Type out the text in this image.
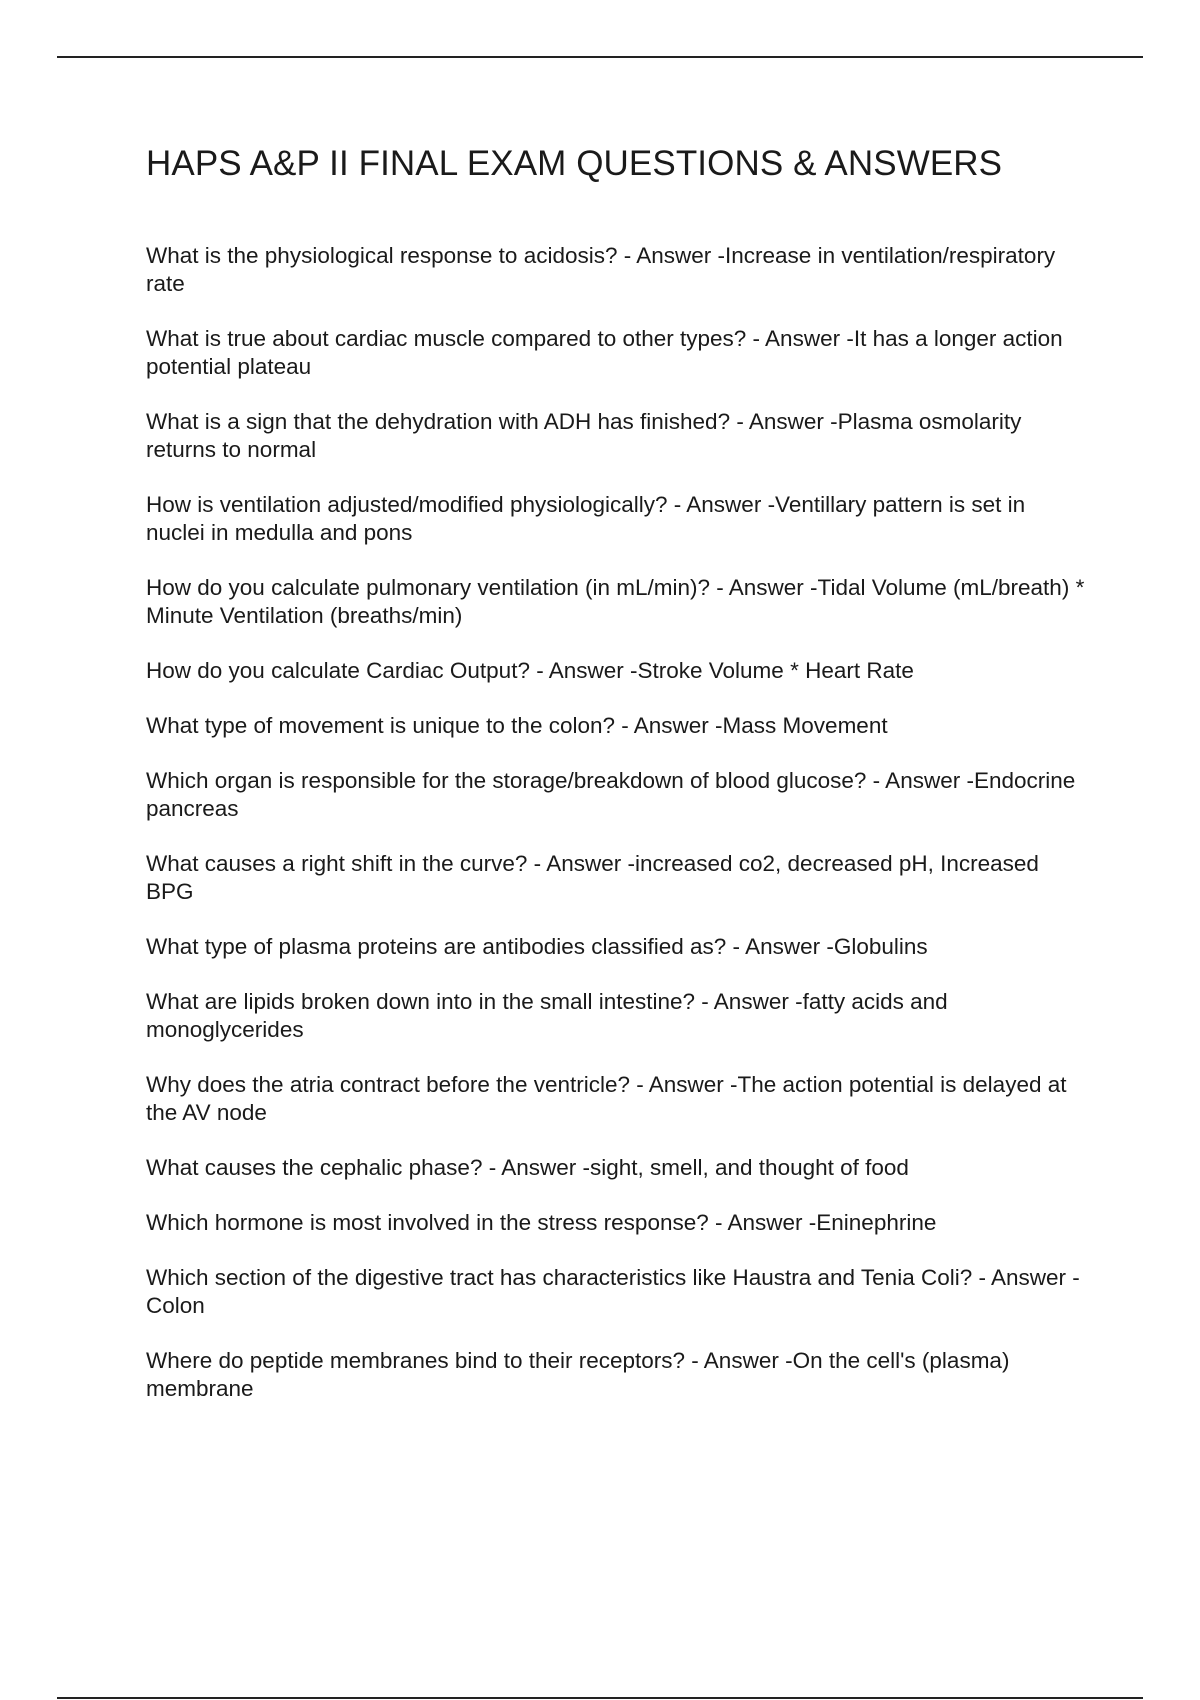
HAPS A&P II FINAL EXAM QUESTIONS & ANSWERS
What is the physiological response to acidosis? - Answer -Increase in ventilation/respiratory rate
What is true about cardiac muscle compared to other types? - Answer -It has a longer action potential plateau
What is a sign that the dehydration with ADH has finished? - Answer -Plasma osmolarity returns to normal
How is ventilation adjusted/modified physiologically? - Answer -Ventillary pattern is set in nuclei in medulla and pons
How do you calculate pulmonary ventilation (in mL/min)? - Answer -Tidal Volume (mL/breath) * Minute Ventilation (breaths/min)
How do you calculate Cardiac Output? - Answer -Stroke Volume * Heart Rate
What type of movement is unique to the colon? - Answer -Mass Movement
Which organ is responsible for the storage/breakdown of blood glucose? - Answer -Endocrine pancreas
What causes a right shift in the curve? - Answer -increased co2, decreased pH, Increased BPG
What type of plasma proteins are antibodies classified as? - Answer -Globulins
What are lipids broken down into in the small intestine? - Answer -fatty acids and monoglycerides
Why does the atria contract before the ventricle? - Answer -The action potential is delayed at the AV node
What causes the cephalic phase? - Answer -sight, smell, and thought of food
Which hormone is most involved in the stress response? - Answer -Eninephrine
Which section of the digestive tract has characteristics like Haustra and Tenia Coli? - Answer -Colon
Where do peptide membranes bind to their receptors? - Answer -On the cell's (plasma) membrane
